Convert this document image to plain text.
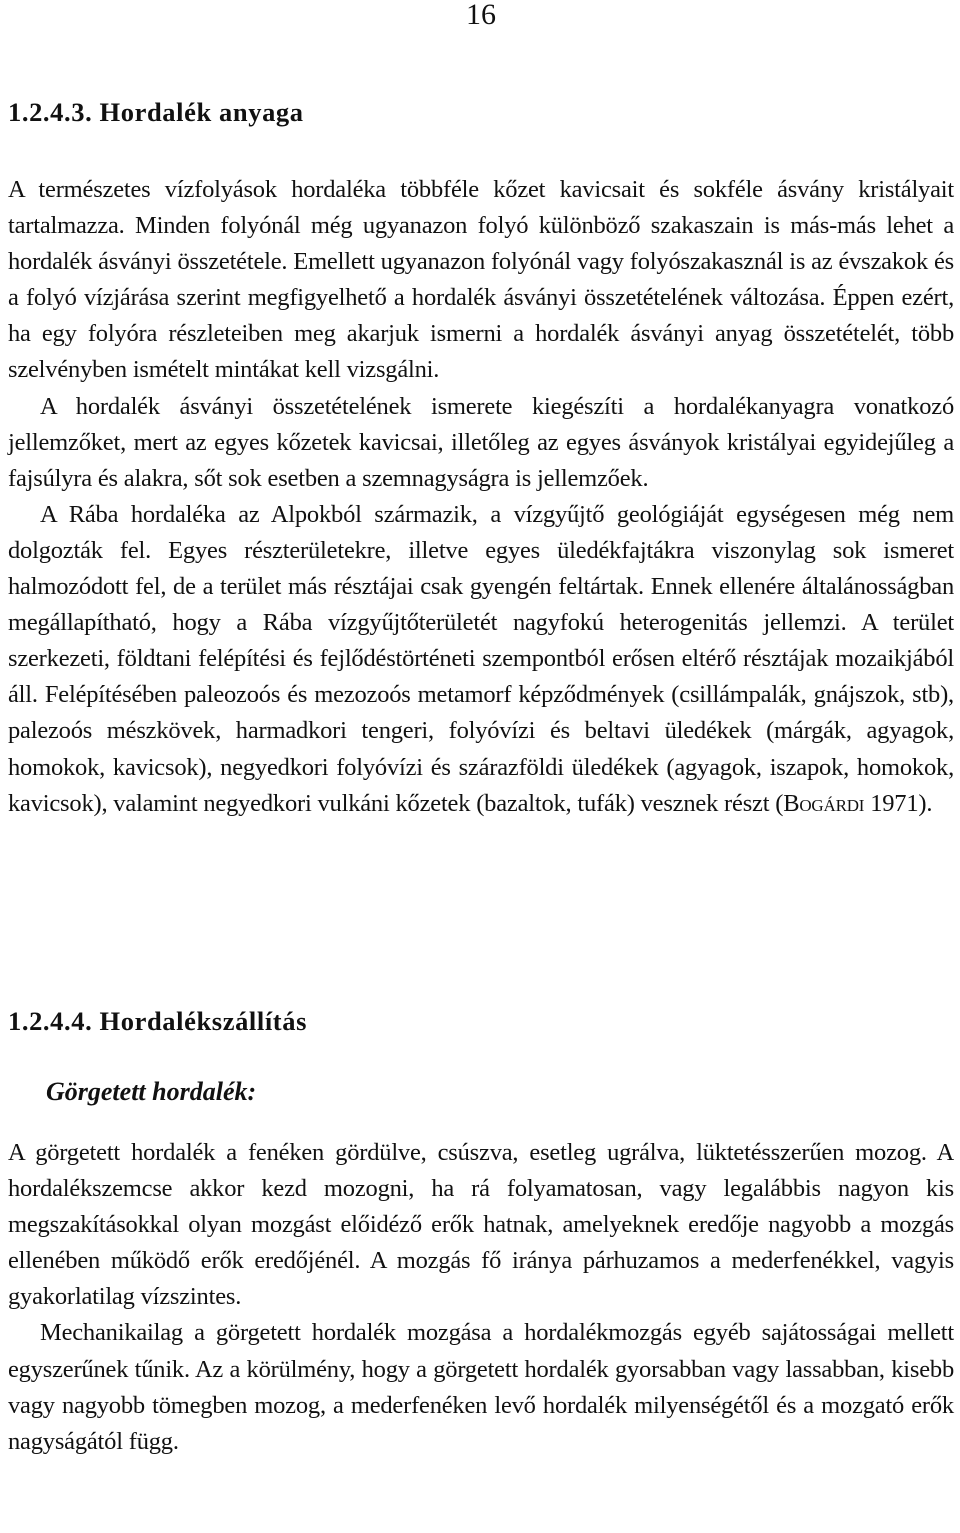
16
1.2.4.3. Hordalék anyaga

A természetes vízfolyások hordaléka többféle kőzet kavicsait és sokféle ásvány kristályait tartalmazza. Minden folyónál még ugyanazon folyó különböző szakaszain is más-más lehet a hordalék ásványi összetétele. Emellett ugyanazon folyónál vagy folyószakasznál is az évszakok és a folyó vízjárása szerint megfigyelhető a hordalék ásványi összetételének változása. Éppen ezért, ha egy folyóra részleteiben meg akarjuk ismerni a hordalék ásványi anyag összetételét, több szelvényben ismételt mintákat kell vizsgálni.

A hordalék ásványi összetételének ismerete kiegészíti a hordalékanyagra vonatkozó jellemzőket, mert az egyes kőzetek kavicsai, illetőleg az egyes ásványok kristályai egyidejűleg a fajsúlyra és alakra, sőt sok esetben a szemnagyságra is jellemzőek.

A Rába hordaléka az Alpokból származik, a vízgyűjtő geológiáját egységesen még nem dolgozták fel. Egyes részterületekre, illetve egyes üledékfajtákra viszonylag sok ismeret halmozódott fel, de a terület más résztájai csak gyengén feltártak. Ennek ellenére általánosságban megállapítható, hogy a Rába vízgyűjtőterületét nagyfokú heterogenitás jellemzi. A terület szerkezeti, földtani felépítési és fejlődéstörténeti szempontból erősen eltérő résztájak mozaikjából áll. Felépítésében paleozoós és mezozoós metamorf képződmények (csillámpalák, gnájszok, stb), palezoós mészkövek, harmadkori tengeri, folyóvízi és beltavi üledékek (márgák, agyagok, homokok, kavicsok), negyedkori folyóvízi és szárazföldi üledékek (agyagok, iszapok, homokok, kavicsok), valamint negyedkori vulkáni kőzetek (bazaltok, tufák) vesznek részt (Bogárdi 1971).

1.2.4.4. Hordalékszállítás
Görgetett hordalék:

A görgetett hordalék a fenéken gördülve, csúszva, esetleg ugrálva, lüktetésszerűen mozog. A hordalékszemcse akkor kezd mozogni, ha rá folyamatosan, vagy legalábbis nagyon kis megszakításokkal olyan mozgást előidéző erők hatnak, amelyeknek eredője nagyobb a mozgás ellenében működő erők eredőjénél. A mozgás fő iránya párhuzamos a mederfenékkel, vagyis gyakorlatilag vízszintes.

Mechanikailag a görgetett hordalék mozgása a hordalékmozgás egyéb sajátosságai mellett egyszerűnek tűnik. Az a körülmény, hogy a görgetett hordalék gyorsabban vagy lassabban, kisebb vagy nagyobb tömegben mozog, a mederfenéken levő hordalék milyenségétől és a mozgató erők nagyságától függ.
